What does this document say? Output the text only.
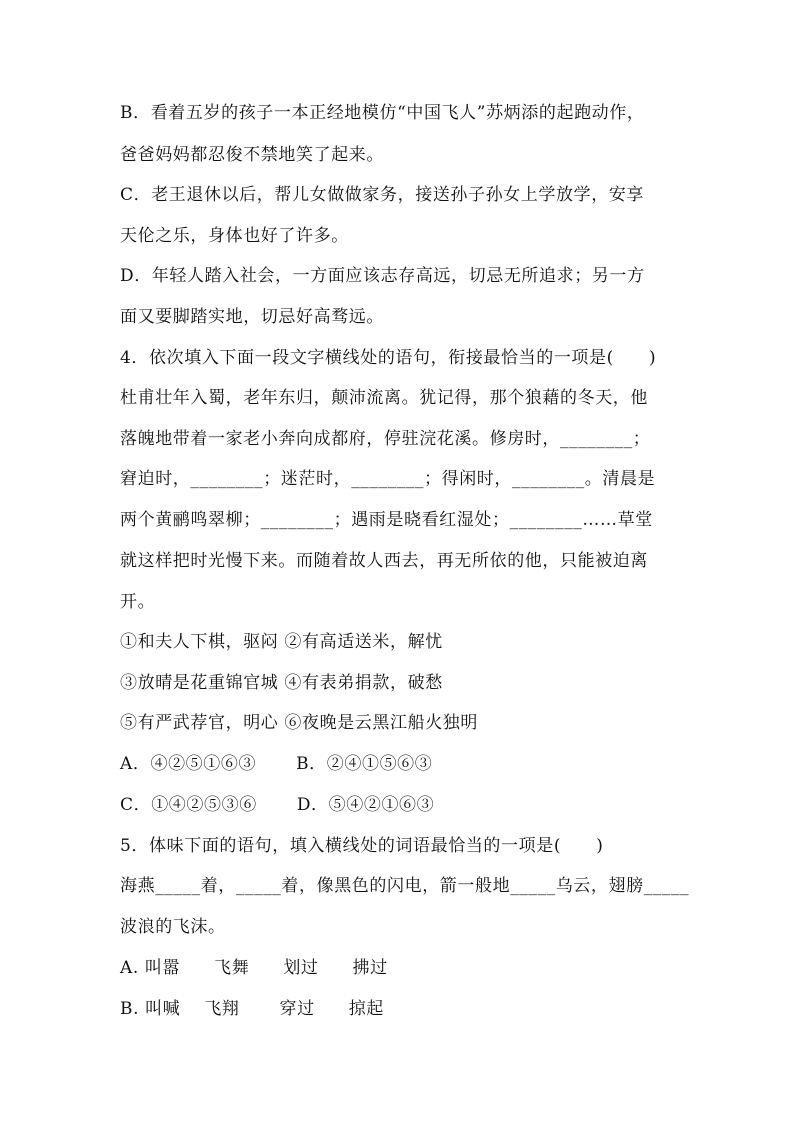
B．看着五岁的孩子一本正经地模仿“中国飞人”苏炳添的起跑动作，
爸爸妈妈都忍俊不禁地笑了起来。
C．老王退休以后，帮儿女做做家务，接送孙子孙女上学放学，安享
天伦之乐，身体也好了许多。
D．年轻人踏入社会，一方面应该志存高远，切忌无所追求；另一方
面又要脚踏实地，切忌好高骛远。
4．依次填入下面一段文字横线处的语句，衔接最恰当的一项是(　　)
杜甫壮年入蜀，老年东归，颠沛流离。犹记得，那个狼藉的冬天，他
落魄地带着一家老小奔向成都府，停驻浣花溪。修房时，________；
窘迫时，________；迷茫时，________；得闲时，________。清晨是
两个黄鹂鸣翠柳；________；遇雨是晓看红湿处；________……草堂
就这样把时光慢下来。而随着故人西去，再无所依的他，只能被迫离
开。
①和夫人下棋，驱闷 ②有高适送米，解忧
③放晴是花重锦官城 ④有表弟捐款，破愁
⑤有严武荐官，明心 ⑥夜晚是云黑江船火独明
A．④②⑤①⑥③ B．②④①⑤⑥③
C．①④②⑤③⑥ D．⑤④②①⑥③
5．体味下面的语句，填入横线处的词语最恰当的一项是(　　)
海燕_____着，_____着，像黑色的闪电，箭一般地_____乌云，翅膀_____
波浪的飞沫。
A. 叫嚣 飞舞 划过 拂过
B. 叫喊 飞翔 穿过 掠起
